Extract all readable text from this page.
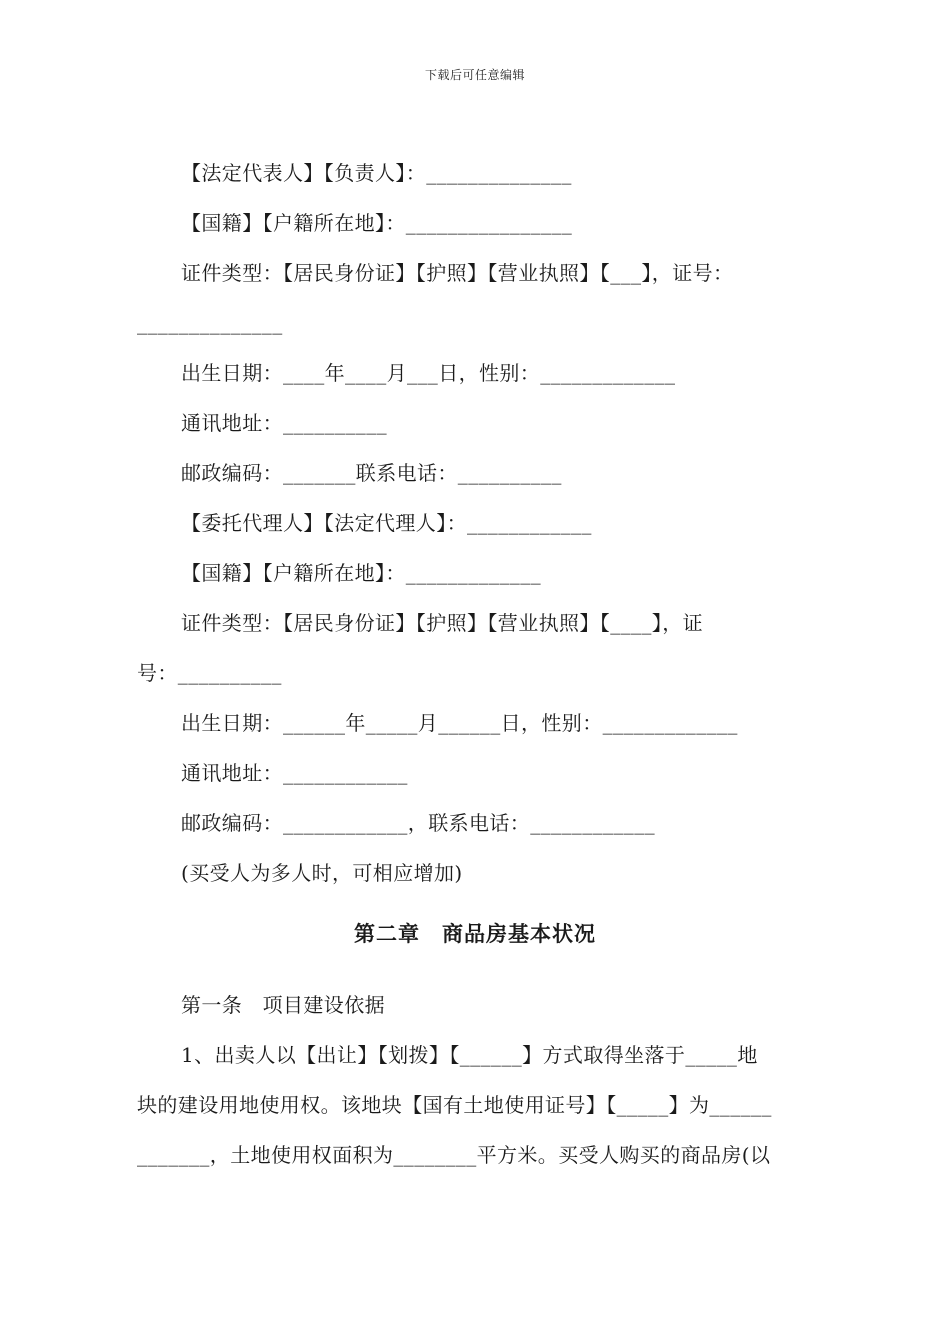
下载后可任意编辑
【法定代表人】【负责人】：______________
【国籍】【户籍所在地】：________________
证件类型：【居民身份证】【护照】【营业执照】【___】，证号：
______________
出生日期：____年____月___日，性别：_____________
通讯地址：__________
邮政编码：_______联系电话：__________
【委托代理人】【法定代理人】：____________
【国籍】【户籍所在地】：_____________
证件类型：【居民身份证】【护照】【营业执照】【____】，证
号：__________
出生日期：______年_____月______日，性别：_____________
通讯地址：____________
邮政编码：____________，联系电话：____________
(买受人为多人时，可相应增加)
第二章　商品房基本状况
第一条　项目建设依据
1、出卖人以【出让】【划拨】【______】方式取得坐落于_____地
块的建设用地使用权。该地块【国有土地使用证号】【_____】为______
_______，土地使用权面积为________平方米。买受人购买的商品房(以
